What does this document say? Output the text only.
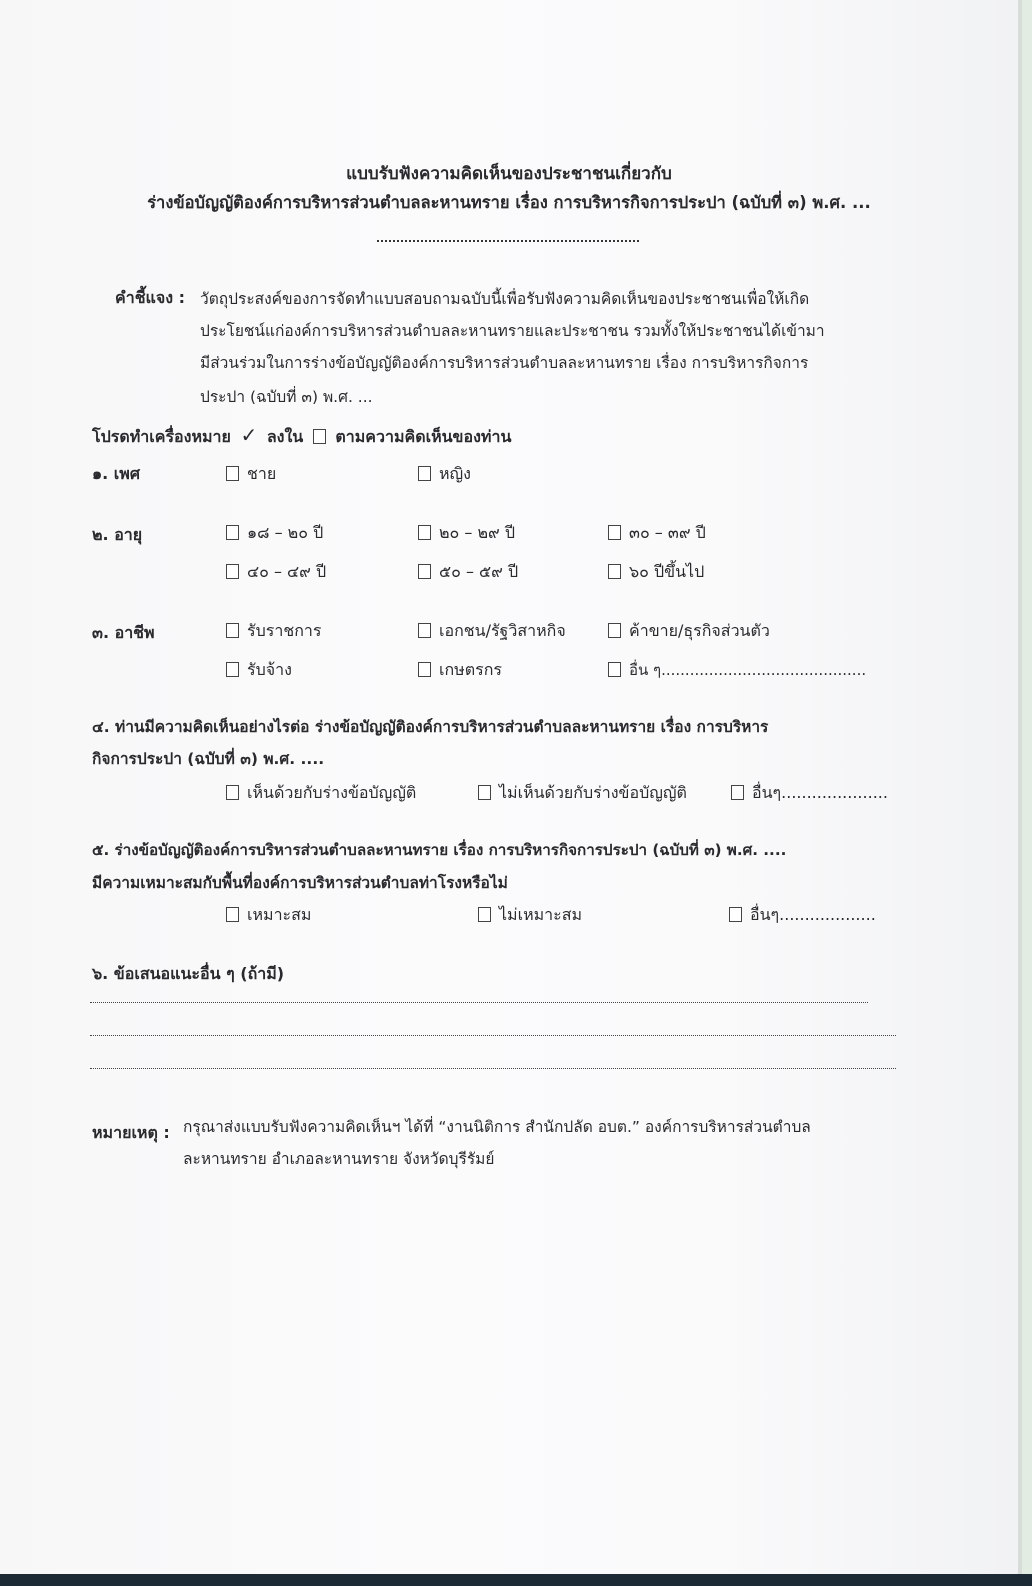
แบบรับฟังความคิดเห็นของประชาชนเกี่ยวกับ
ร่างข้อบัญญัติองค์การบริหารส่วนตำบลละหานทราย เรื่อง การบริหารกิจการประปา (ฉบับที่ ๓) พ.ศ. ...
คำชี้แจง : วัตถุประสงค์ของการจัดทำแบบสอบถามฉบับนี้เพื่อรับฟังความคิดเห็นของประชาชนเพื่อให้เกิด
ประโยชน์แก่องค์การบริหารส่วนตำบลละหานทรายและประชาชน รวมทั้งให้ประชาชนได้เข้ามา
มีส่วนร่วมในการร่างข้อบัญญัติองค์การบริหารส่วนตำบลละหานทราย เรื่อง การบริหารกิจการ
ประปา (ฉบับที่ ๓) พ.ศ. ...
โปรดทำเครื่องหมาย ✓ ลงใน ตามความคิดเห็นของท่าน
๑. เพศ	ชาย	หญิง
๒. อายุ	๑๘ – ๒๐ ปี	๒๐ – ๒๙ ปี	๓๐ – ๓๙ ปี
๔๐ – ๔๙ ปี	๕๐ – ๕๙ ปี	๖๐ ปีขึ้นไป
๓. อาชีพ	รับราชการ	เอกชน/รัฐวิสาหกิจ	ค้าขาย/ธุรกิจส่วนตัว
รับจ้าง	เกษตรกร	อื่น ๆ...........................................
๔. ท่านมีความคิดเห็นอย่างไรต่อ ร่างข้อบัญญัติองค์การบริหารส่วนตำบลละหานทราย เรื่อง การบริหาร
กิจการประปา (ฉบับที่ ๓) พ.ศ. ....
เห็นด้วยกับร่างข้อบัญญัติ	ไม่เห็นด้วยกับร่างข้อบัญญัติ	อื่นๆ.....................
๕. ร่างข้อบัญญัติองค์การบริหารส่วนตำบลละหานทราย เรื่อง การบริหารกิจการประปา (ฉบับที่ ๓) พ.ศ. ....
มีความเหมาะสมกับพื้นที่องค์การบริหารส่วนตำบลท่าโรงหรือไม่
เหมาะสม	ไม่เหมาะสม	อื่นๆ...................
๖. ข้อเสนอแนะอื่น ๆ (ถ้ามี)
หมายเหตุ : กรุณาส่งแบบรับฟังความคิดเห็นฯ ได้ที่ “งานนิติการ สำนักปลัด อบต.” องค์การบริหารส่วนตำบล
ละหานทราย อำเภอละหานทราย จังหวัดบุรีรัมย์
